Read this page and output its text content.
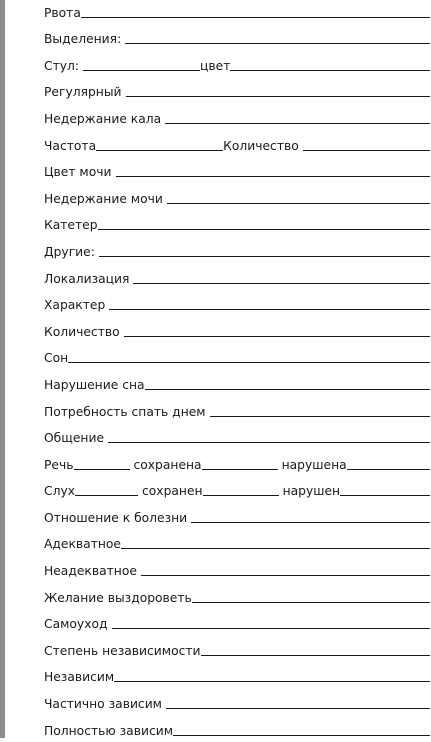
Рвота
Выделения:
Стул:	цвет
Регулярный
Недержание кала
Частота	Количество
Цвет мочи
Недержание мочи
Катетер
Другие:
Локализация
Характер
Количество
Сон
Нарушение сна
Потребность спать днем
Общение
Речь	сохранена	нарушена
Слух	сохранен	нарушен
Отношение к болезни
Адекватное
Неадекватное
Желание выздороветь
Самоуход
Степень независимости
Независим
Частично зависим
Полностью зависим
